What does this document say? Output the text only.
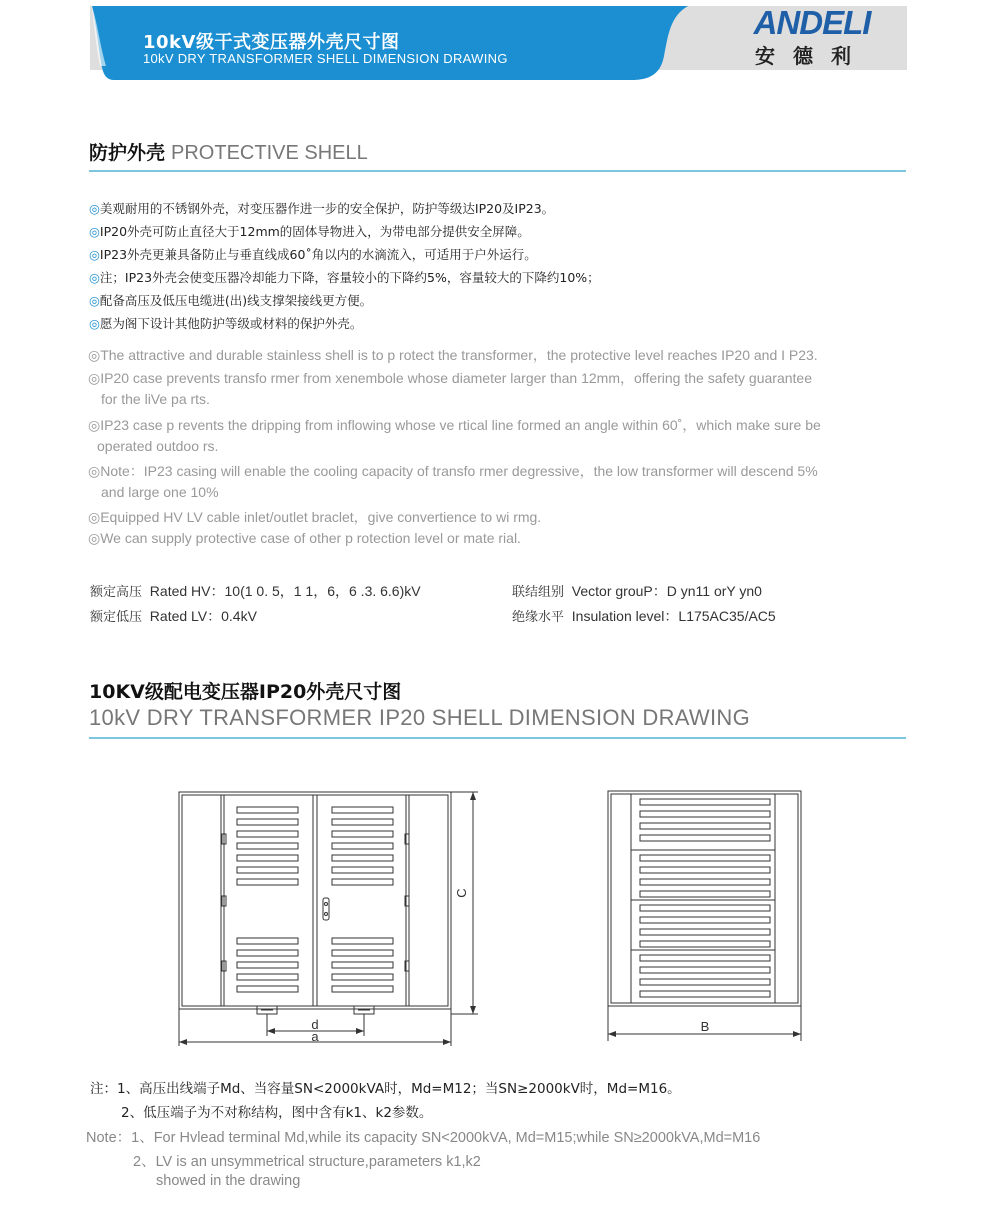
10kV级干式变压器外壳尺寸图
10kV DRY TRANSFORMER SHELL DIMENSION DRAWING
ANDELI
安德利
防护外壳 PROTECTIVE SHELL
◎美观耐用的不锈钢外壳，对变压器作进一步的安全保护，防护等级达IP20及IP23。
◎IP20外壳可防止直径大于12mm的固体导物进入，为带电部分提供安全屏障。
◎IP23外壳更兼具备防止与垂直线成60˚角以内的水滴流入，可适用于户外运行。
◎注；IP23外壳会使变压器冷却能力下降，容量较小的下降约5%，容量较大的下降约10%；
◎配备高压及低压电缆进(出)线支撑架接线更方便。
◎愿为阁下设计其他防护等级或材料的保护外壳。
◎The attractive and durable stainless shell is to p rotect the transformer，the protective level reaches IP20 and I P23.
◎IP20 case prevents transfo rmer from xenembole whose diameter larger than 12mm，offering the safety guarantee
for the liVe pa rts.
◎IP23 case p revents the dripping from inflowing whose ve rtical line formed an angle within 60˚，which make sure be
operated outdoo rs.
◎Note：IP23 casing will enable the cooling capacity of transfo rmer degressive，the low transformer will descend 5%
and large one 10%
◎Equipped HV LV cable inlet/outlet braclet，give convertience to wi rmg.
◎We can supply protective case of other p rotection level or mate rial.
额定高压 Rated HV：10(1 0. 5，1 1，6，6 .3. 6.6)kV
额定低压 Rated LV：0.4kV
联结组别 Vector grouP：D yn11 orY yn0
绝缘水平 Insulation level：L175AC35/AC5
10KV级配电变压器IP20外壳尺寸图
10kV DRY TRANSFORMER IP20 SHELL DIMENSION DRAWING
C
d
a
B
注：1、高压出线端子Md、当容量SN<2000kVA时，Md=M12；当SN≥2000kV时，Md=M16。
2、低压端子为不对称结构，图中含有k1、k2参数。
Note：1、For Hvlead terminal Md,while its capacity SN<2000kVA, Md=M15;while SN≥2000kVA,Md=M16
2、LV is an unsymmetrical structure,parameters k1,k2
showed in the drawing
